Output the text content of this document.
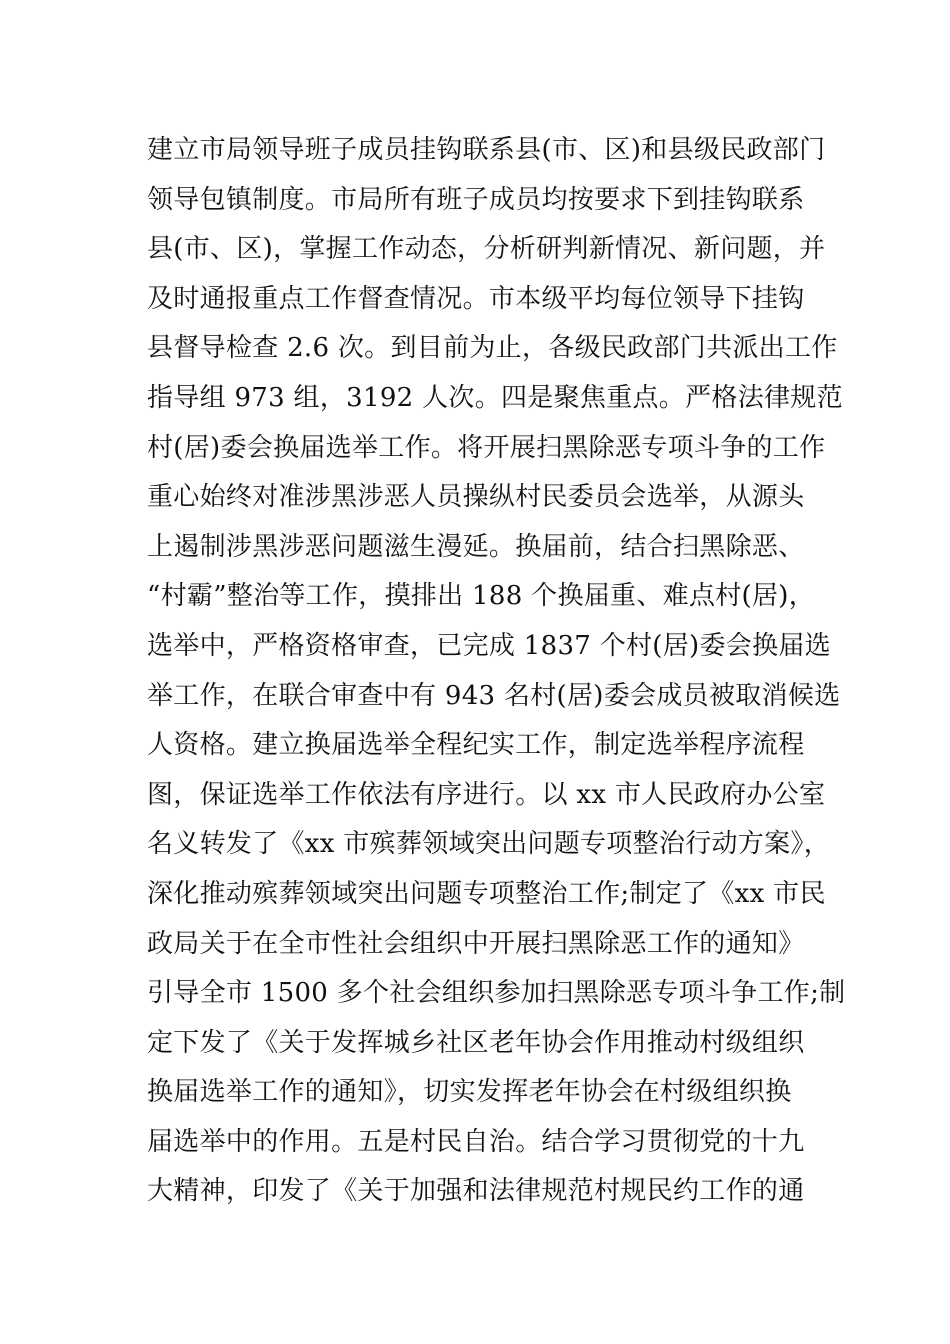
建立市局领导班子成员挂钩联系县(市、区)和县级民政部门
领导包镇制度。市局所有班子成员均按要求下到挂钩联系
县(市、区)，掌握工作动态，分析研判新情况、新问题，并
及时通报重点工作督查情况。市本级平均每位领导下挂钩
县督导检查 2.6 次。到目前为止，各级民政部门共派出工作
指导组 973 组，3192 人次。四是聚焦重点。严格法律规范
村(居)委会换届选举工作。将开展扫黑除恶专项斗争的工作
重心始终对准涉黑涉恶人员操纵村民委员会选举，从源头
上遏制涉黑涉恶问题滋生漫延。换届前，结合扫黑除恶、
“村霸”整治等工作，摸排出 188 个换届重、难点村(居)，
选举中，严格资格审查，已完成 1837 个村(居)委会换届选
举工作，在联合审查中有 943 名村(居)委会成员被取消候选
人资格。建立换届选举全程纪实工作，制定选举程序流程
图，保证选举工作依法有序进行。以 xx 市人民政府办公室
名义转发了《xx 市殡葬领域突出问题专项整治行动方案》，
深化推动殡葬领域突出问题专项整治工作;制定了《xx 市民
政局关于在全市性社会组织中开展扫黑除恶工作的通知》
引导全市 1500 多个社会组织参加扫黑除恶专项斗争工作;制
定下发了《关于发挥城乡社区老年协会作用推动村级组织
换届选举工作的通知》，切实发挥老年协会在村级组织换
届选举中的作用。五是村民自治。结合学习贯彻党的十九
大精神，印发了《关于加强和法律规范村规民约工作的通
